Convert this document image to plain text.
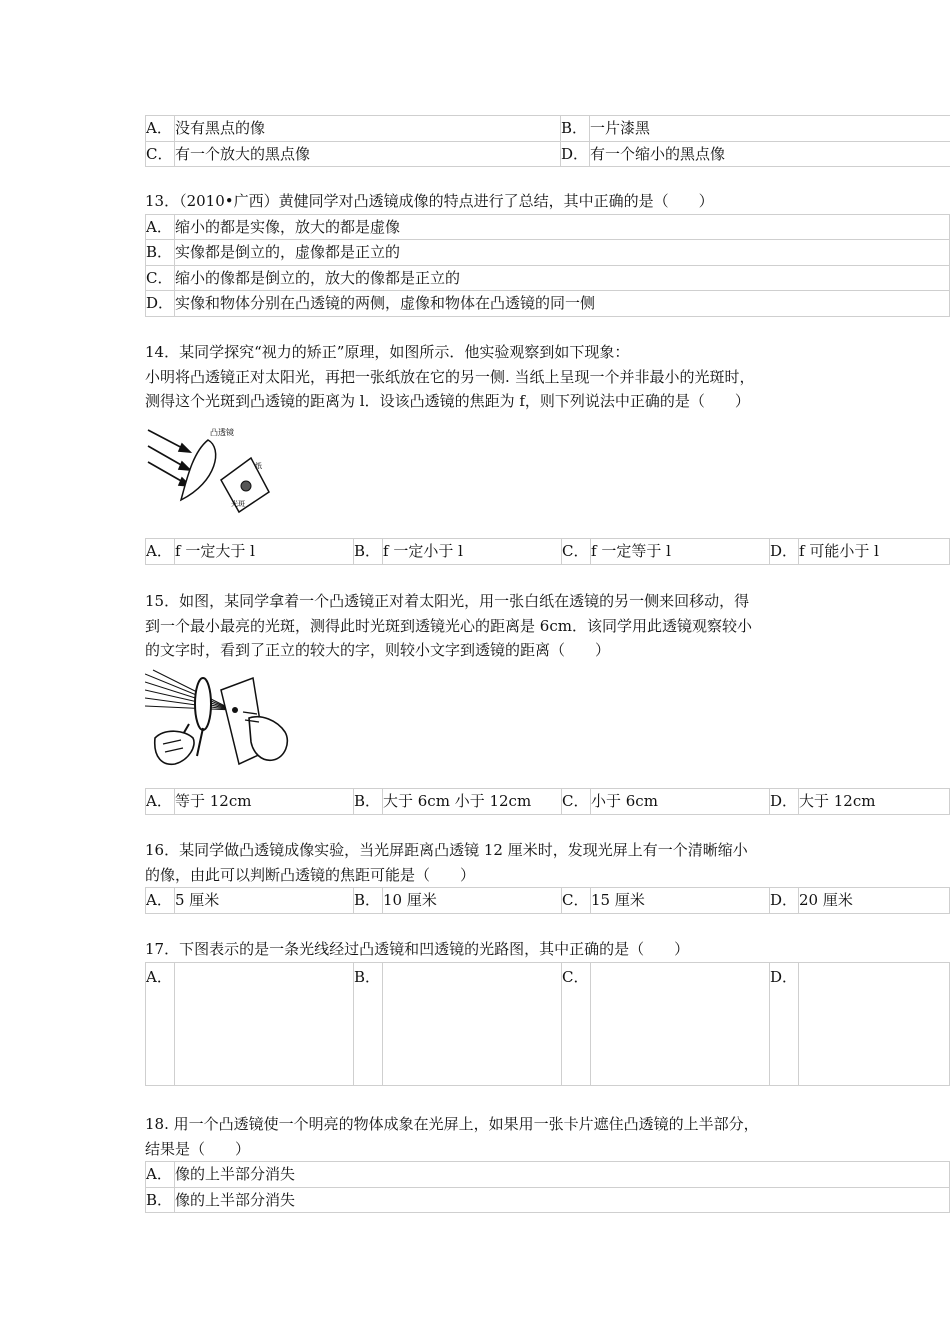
A．	没有黑点的像	B．	一片漆黑
C．	有一个放大的黑点像	D．	有一个缩小的黑点像

13．（2010•广西）黄健同学对凸透镜成像的特点进行了总结，其中正确的是（　　）

A．	缩小的都是实像，放大的都是虚像
B．	实像都是倒立的，虚像都是正立的
C．	缩小的像都是倒立的，放大的像都是正立的
D．	实像和物体分别在凸透镜的两侧，虚像和物体在凸透镜的同一侧

14．某同学探究“视力的矫正”原理，如图所示．他实验观察到如下现象：

小明将凸透镜正对太阳光，再把一张纸放在它的另一侧. 当纸上呈现一个并非最小的光斑时，

测得这个光斑到凸透镜的距离为 l．设该凸透镜的焦距为 f，则下列说法中正确的是（　　）

凸透镜
纸
光斑
A．	f 一定大于 l	B．	f 一定小于 l	C．	f 一定等于 l	D．	f 可能小于 l

15．如图，某同学拿着一个凸透镜正对着太阳光，用一张白纸在透镜的另一侧来回移动，得

到一个最小最亮的光斑，测得此时光斑到透镜光心的距离是 6cm．该同学用此透镜观察较小

的文字时，看到了正立的较大的字，则较小文字到透镜的距离（　　）

A．	等于 12cm	B．	大于 6cm 小于 12cm	C．	小于 6cm	D．	大于 12cm

16．某同学做凸透镜成像实验，当光屏距离凸透镜 12 厘米时，发现光屏上有一个清晰缩小

的像，由此可以判断凸透镜的焦距可能是（　　）

A．	5 厘米	B．	10 厘米	C．	15 厘米	D．	20 厘米

17．下图表示的是一条光线经过凸透镜和凹透镜的光路图，其中正确的是（　　）

A．		B．		C．		D．	

18. 用一个凸透镜使一个明亮的物体成象在光屏上，如果用一张卡片遮住凸透镜的上半部分，

结果是（　　）

A．	像的上半部分消失
B．	像的上半部分消失
